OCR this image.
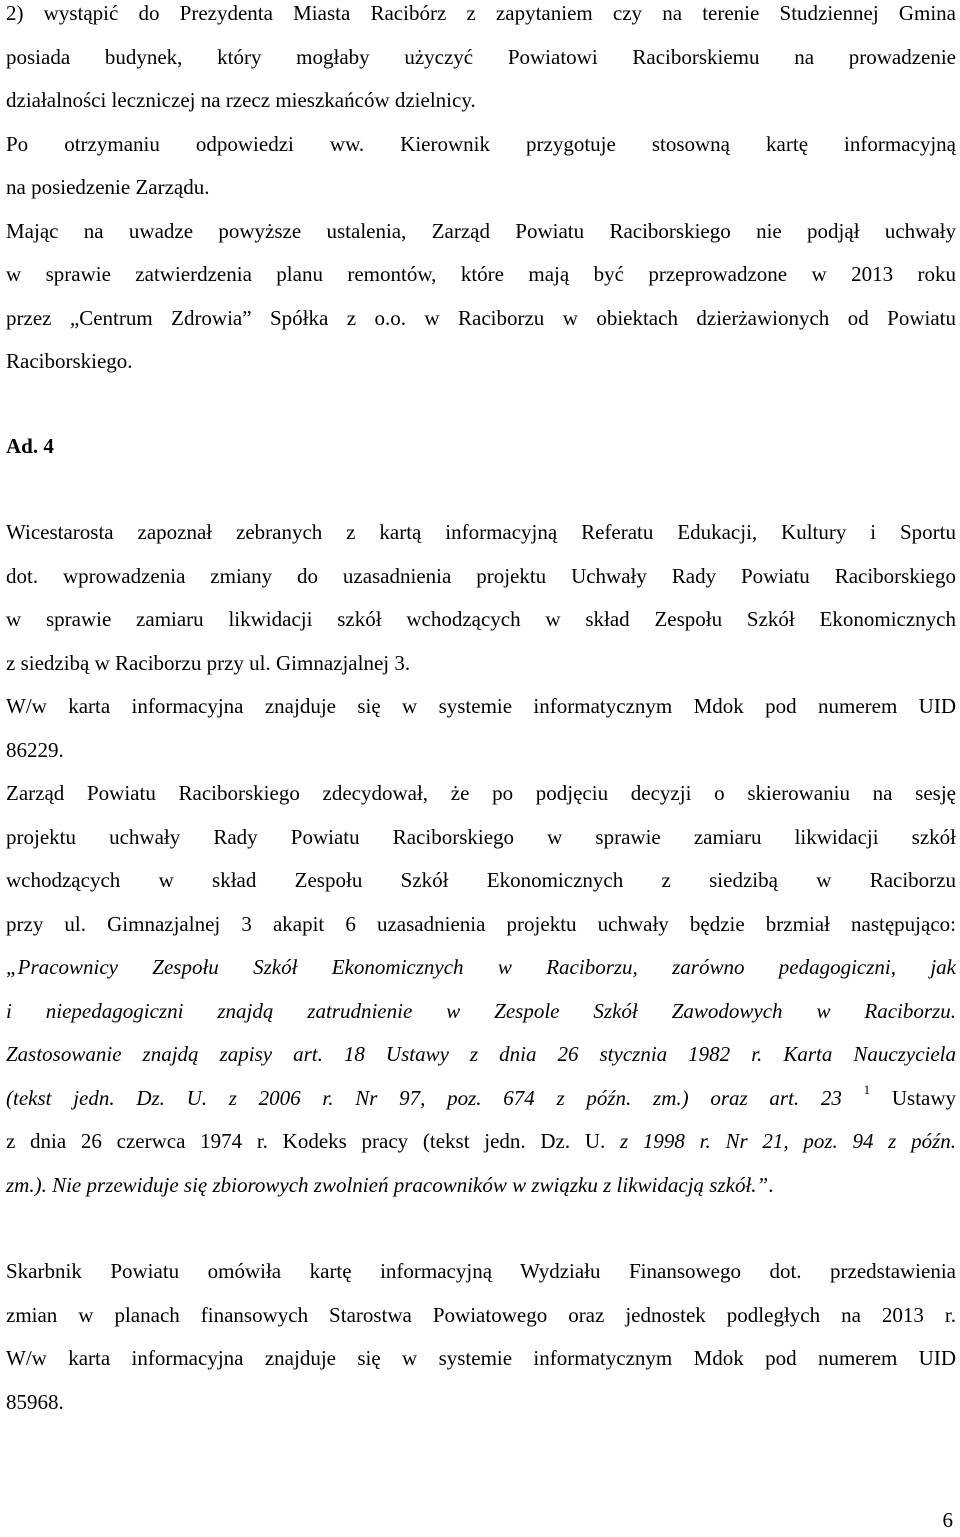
2) wystąpić do Prezydenta Miasta Racibórz z zapytaniem czy na terenie Studziennej Gmina
posiada budynek, który mogłaby użyczyć Powiatowi Raciborskiemu na prowadzenie
działalności leczniczej na rzecz mieszkańców dzielnicy.
Po otrzymaniu odpowiedzi ww. Kierownik przygotuje stosowną kartę informacyjną
na posiedzenie Zarządu.
Mając na uwadze powyższe ustalenia, Zarząd Powiatu Raciborskiego nie podjął uchwały
w sprawie zatwierdzenia planu remontów, które mają być przeprowadzone w 2013 roku
przez „Centrum Zdrowia” Spółka z o.o. w Raciborzu w obiektach dzierżawionych od Powiatu
Raciborskiego.
Ad. 4
Wicestarosta zapoznał zebranych z kartą informacyjną Referatu Edukacji, Kultury i Sportu
dot. wprowadzenia zmiany do uzasadnienia projektu Uchwały Rady Powiatu Raciborskiego
w sprawie zamiaru likwidacji szkół wchodzących w skład Zespołu Szkół Ekonomicznych
z siedzibą w Raciborzu przy ul. Gimnazjalnej 3.
W/w karta informacyjna znajduje się w systemie informatycznym Mdok pod numerem UID
86229.
Zarząd Powiatu Raciborskiego zdecydował, że po podjęciu decyzji o skierowaniu na sesję
projektu uchwały Rady Powiatu Raciborskiego w sprawie zamiaru likwidacji szkół
wchodzących w skład Zespołu Szkół Ekonomicznych z siedzibą w Raciborzu
przy ul. Gimnazjalnej 3 akapit 6 uzasadnienia projektu uchwały będzie brzmiał następująco:
„Pracownicy Zespołu Szkół Ekonomicznych w Raciborzu, zarówno pedagogiczni, jak
i niepedagogiczni znajdą zatrudnienie w Zespole Szkół Zawodowych w Raciborzu.
Zastosowanie znajdą zapisy art. 18 Ustawy z dnia 26 stycznia 1982 r. Karta Nauczyciela
(tekst jedn. Dz. U. z 2006 r. Nr 97, poz. 674 z późn. zm.) oraz art. 23 $^1$ Ustawy
z dnia 26 czerwca 1974 r. Kodeks pracy (tekst jedn. Dz. U. z 1998 r. Nr 21, poz. 94 z późn.
zm.). Nie przewiduje się zbiorowych zwolnień pracowników w związku z likwidacją szkół.”.
Skarbnik Powiatu omówiła kartę informacyjną Wydziału Finansowego dot. przedstawienia
zmian w planach finansowych Starostwa Powiatowego oraz jednostek podległych na 2013 r.
W/w karta informacyjna znajduje się w systemie informatycznym Mdok pod numerem UID
85968.
6
